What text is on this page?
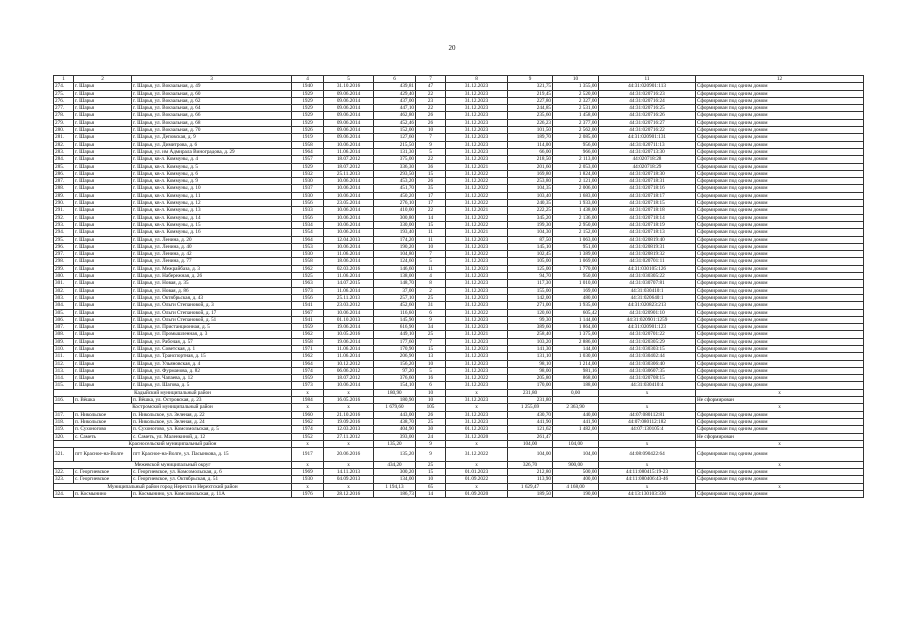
20
1	2	3	4	5	6	7	8	9	10	11	12
274.	г. Шарья	г. Шарья, ул. Вокзальная, д. 49	1940	31.10.2016	439,81	47	31.12.2023	321,75	1 355,00	44:31:020901:113	Сформирован под одним домом
275.	г. Шарья	г. Шарья, ул. Вокзальная, д. 60	1929	09.06.2014	429,40	22	31.12.2023	219,45	2 520,00	44:31:020716:23	Сформирован под одним домом
276.	г. Шарья	г. Шарья, ул. Вокзальная, д. 62	1929	09.06.2014	437,00	23	31.12.2023	227,80	2 327,00	44:31:020716:24	Сформирован под одним домом
277.	г. Шарья	г. Шарья, ул. Вокзальная, д. 64	1929	09.06.2014	447,10	22	31.12.2023	244,85	2 531,00	44:31:020716:25	Сформирован под одним домом
278.	г. Шарья	г. Шарья, ул. Вокзальная, д. 66	1929	09.06.2014	462,80	26	31.12.2023	235,60	1 458,00	44:31:020716:26	Сформирован под одним домом
279.	г. Шарья	г. Шарья, ул. Вокзальная, д. 68	1929	09.06.2014	452,46	26	31.12.2023	226,23	2 377,00	44:31:020716:27	Сформирован под одним домом
280.	г. Шарья	г. Шарья, ул. Вокзальная, д. 70	1926	09.06.2014	152,00	10	31.12.2023	101,50	2 562,00	44:31:020716:22	Сформирован под одним домом
281.	г. Шарья	г. Шарья, ул. Деповская, д. 9	1919	09.06.2014	127,60	7	31.12.2023	189,70	2 085,00	44:31:020901:131	Сформирован под одним домом
282.	г. Шарья	г. Шарья, ул. Димитрова, д. 6	1958	10.06.2014	215,50	9	31.12.2023	114,00	956,00	44:31:020711:13	Сформирован под одним домом
283.	г. Шарья	г. Шарья, ул. им Адмирала Виноградова, д. 29	1964	11.06.2014	131,30	5	31.12.2023	66,00	966,00	44:31:020713:30	Сформирован под одним домом
284.	г. Шарья	г. Шарья, кв-л. Коммуны, д. 4	1957	18.07.2012	375,00	22	31.12.2023	218,50	2 113,00	44:020718:28	Сформирован под одним домом
285.	г. Шарья	г. Шарья, кв-л. Коммуны, д. 5	1929	18.07.2012	336,30	36	31.12.2021	201,60	2 053,00	44:020718:29	Сформирован под одним домом
286.	г. Шарья	г. Шарья, кв-л. Коммуны, д. 6	1932	25.11.2013	293,50	15	31.12.2022	169,80	1 824,00	44:31:020718:30	Сформирован под одним домом
287.	г. Шарья	г. Шарья, кв-л. Коммуны, д. 9	1930	10.06.2014	453,20	26	31.12.2022	253,80	2 121,00	44:31:020718:31	Сформирован под одним домом
288.	г. Шарья	г. Шарья, кв-л. Коммуны, д. 10	1937	10.06.2014	451,70	35	31.12.2022	104,35	2 006,00	44:31:020718:16	Сформирован под одним домом
289.	г. Шарья	г. Шарья, кв-л. Коммуны, д. 11	1930	10.06.2014	450,20	17	31.12.2022	103,40	1 683,00	44:31:020718:17	Сформирован под одним домом
290.	г. Шарья	г. Шарья, кв-л. Коммуны, д. 12	1956	23.05.2014	276,10	17	31.12.2022	240,35	1 933,00	44:31:020718:15	Сформирован под одним домом
291.	г. Шарья	г. Шарья, кв-л. Коммуны, д. 13	1933	10.06.2014	410,00	22	31.12.2021	222,25	1 438,00	44:31:020718:18	Сформирован под одним домом
292.	г. Шарья	г. Шарья, кв-л. Коммуны, д. 14	1956	10.06.2014	300,80	14	31.12.2022	345,20	2 136,00	44:31:020718:14	Сформирован под одним домом
293.	г. Шарья	г. Шарья, кв-л. Коммуны, д. 15	1934	10.06.2014	330,00	15	31.12.2022	199,30	2 950,00	44:31:020718:19	Сформирован под одним домом
294.	г. Шарья	г. Шарья, кв-л. Коммуны, д. 16	1954	10.06.2014	193,40	11	31.12.2021	104,30	2 152,00	44:31:020718:13	Сформирован под одним домом
295.	г. Шарья	г. Шарья, ул. Ленина, д. 20	1964	12.04.2013	174,20	11	31.12.2023	87,50	1 063,00	44:31:020819:40	Сформирован под одним домом
296.	г. Шарья	г. Шарья, ул. Ленина, д. 40	1953	10.06.2014	190,20	10	31.12.2023	145,10	951,00	44:31:020819:31	Сформирован под одним домом
297.	г. Шарья	г. Шарья, ул. Ленина, д. 42	1930	11.06.2014	104,80	7	31.12.2022	102,45	1 389,00	44:31:020819:32	Сформирован под одним домом
298.	г. Шарья	г. Шарья, ул. Ленина, д. 77	1958	18.06.2014	124,60	5	31.12.2023	105,00	1 069,00	44:31:020701:11	Сформирован под одним домом
299.	г. Шарья	г. Шарья, ул. Межрайбаза, д. 3	1962	02.03.2016	146,60	11	31.12.2023	125,00	1 770,00	44:31:030105:126	Сформирован под одним домом
300.	г. Шарья	г. Шарья, ул. Набережная, д. 26	1925	11.06.2014	138,00	4	31.12.2023	94,70	950,00	44:31:030305:22	Сформирован под одним домом
301.	г. Шарья	г. Шарья, ул. Новая, д. 35	1963	14.07.2015	148,70	8	31.12.2023	117,30	1 010,00	44:31:030707:81	Сформирован под одним домом
302.	г. Шарья	г. Шарья, ул. Новая, д. 86	1973	11.06.2014	37,00	2	31.12.2023	155,00	169,00	44:31:030410:1	Сформирован под одним домом
303.	г. Шарья	г. Шарья, ул. Октябрьская, д. 43	1956	25.11.2013	257,10	25	31.12.2023	142,00	480,00	44:31:020640:1	Сформирован под одним домом
304.	г. Шарья	г. Шарья, ул. Ольги Степановой, д. 3	1941	23.03.2012	452,60	31	31.12.2023	271,00	1 935,00	44:31:020823:213	Сформирован под одним домом
305.	г. Шарья	г. Шарья, ул. Ольги Степановой, д. 17	1967	10.06.2014	116,60	6	31.12.2022	120,60	605,42	44:31:020901:10	Сформирован под одним домом
306.	г. Шарья	г. Шарья, ул. Ольги Степановой, д. 51	1941	01.10.2013	145,90	9	31.12.2023	99,30	1 144,00	44:31:020901:1259	Сформирован под одним домом
307.	г. Шарья	г. Шарья, ул. Пристанционная, д. 5	1959	19.06.2014	616,90	34	31.12.2023	389,60	1 864,00	44:31:020901:123	Сформирован под одним домом
308.	г. Шарья	г. Шарья, ул. Промышленная, д. 3	1962	10.05.2016	449,10	25	31.12.2021	258,40	1 375,00	44:31:020701:22	Сформирован под одним домом
309.	г. Шарья	г. Шарья, ул. Рабочая, д. 57	1958	19.06.2014	177,60	7	31.12.2023	103,20	2 886,00	44:31:020305:29	Сформирован под одним домом
310.	г. Шарья	г. Шарья, ул. Советская, д. 1	1971	11.06.2014	170,90	15	31.12.2023	141,30	144,00	44:31:030303:15	Сформирован под одним домом
311.	г. Шарья	г. Шарья, ул. Транспортная, д. 15	1962	11.06.2014	206,90	13	31.12.2023	131,10	1 030,00	44:31:030402:44	Сформирован под одним домом
312.	г. Шарья	г. Шарья, ул. Ульяновская, д. 4	1964	10.12.2012	156,20	10	31.12.2023	98,10	1 214,00	44:31:030306:40	Сформирован под одним домом
313.	г. Шарья	г. Шарья, ул. Фурманова, д. 82	1974	06.06.2012	97,20	5	31.12.2023	98,00	981,16	44:31:030607:35	Сформирован под одним домом
314.	г. Шарья	г. Шарья, ул. Чапаева, д. 12	1959	18.07.2012	376,60	16	31.12.2022	205,80	868,00	44:31:020708:15	Сформирован под одним домом
315.	г. Шарья	г. Шарья, ул. Шагова, д. 5	1973	10.06.2014	154,10	6	31.12.2023	170,00	188,00	44:31:030410:4	Сформирован под одним домом
Кадыйский муниципальный район			x	x	180,90	10	x	231,80	0,00	x	x
316.	п. Вёшка	п. Вёшка, ул. Островская, д. 23	1984	16.05.2016	180,90	10	31.12.2023	231,80			Не сформирован
Костромской муниципальный район			x	x	1 679,60	105	x	1 255,69	2 363,90	x	x
317.	п. Никольское	п. Никольское, ул. Зеленая, д. 22	1960	21.10.2016	443,00	26	31.12.2023	430,70	440,00	44:07:080112:81	Сформирован под одним домом
318.	п. Никольское	п. Никольское, ул. Зеленая, д. 24	1962	19.09.2016	438,70	25	31.12.2023	441,90	441,90	44:07:080112:182	Сформирован под одним домом
319.	п. Сухоногово	п. Сухоногово, ул. Комсомольская, д. 5	1974	12.03.2013	404,90	30	01.12.2023	121,62	1 482,00	44:07:130105:4	Сформирован под одним домом
320.	с. Саметь	с. Саметь, ул. Маленкиной, д. 12	1952	27.11.2012	393,00	24	31.12.2020	261,47			Не сформирован
Красносельский муниципальный район			x	x	135,20	9	x	104,00	104,00	x	x
321.	пгт Красное-на-Волге	пгт Красное-на-Волге, ул. Пасынкова, д. 15	1917	20.06.2016	135,20	9	31.12.2022	104,00	104,00	44:08:090422:64	Сформирован под одним домом
Межевской муниципальный округ			x	x	434,20	25	x	326,70	900,00	x	x
322.	с. Георгиевское	с. Георгиевское, ул. Комсомольская, д. 6	1969	14.11.2013	300,20	15	01.01.2023	212,80	500,00	44:11:080415:19-23	Сформирован под одним домом
323.	с. Георгиевское	с. Георгиевское, ул. Октябрьская, д. 51	1930	04.09.2013	134,00	10	01.09.2022	113,90	400,00	44:11:080406:43-46	Сформирован под одним домом
Муниципальный район город Нерехта и Нерехтский район			x	x	1 194,13	65	x	1 629,47	4 168,00	x	x
324.	п. Космынино	п. Космынино, ул. Комсомольская, д. 11А	1976	28.12.2016	186,73	14	01.09.2020	189,50	190,00	44:13:130103:336	Сформирован под одним домом
